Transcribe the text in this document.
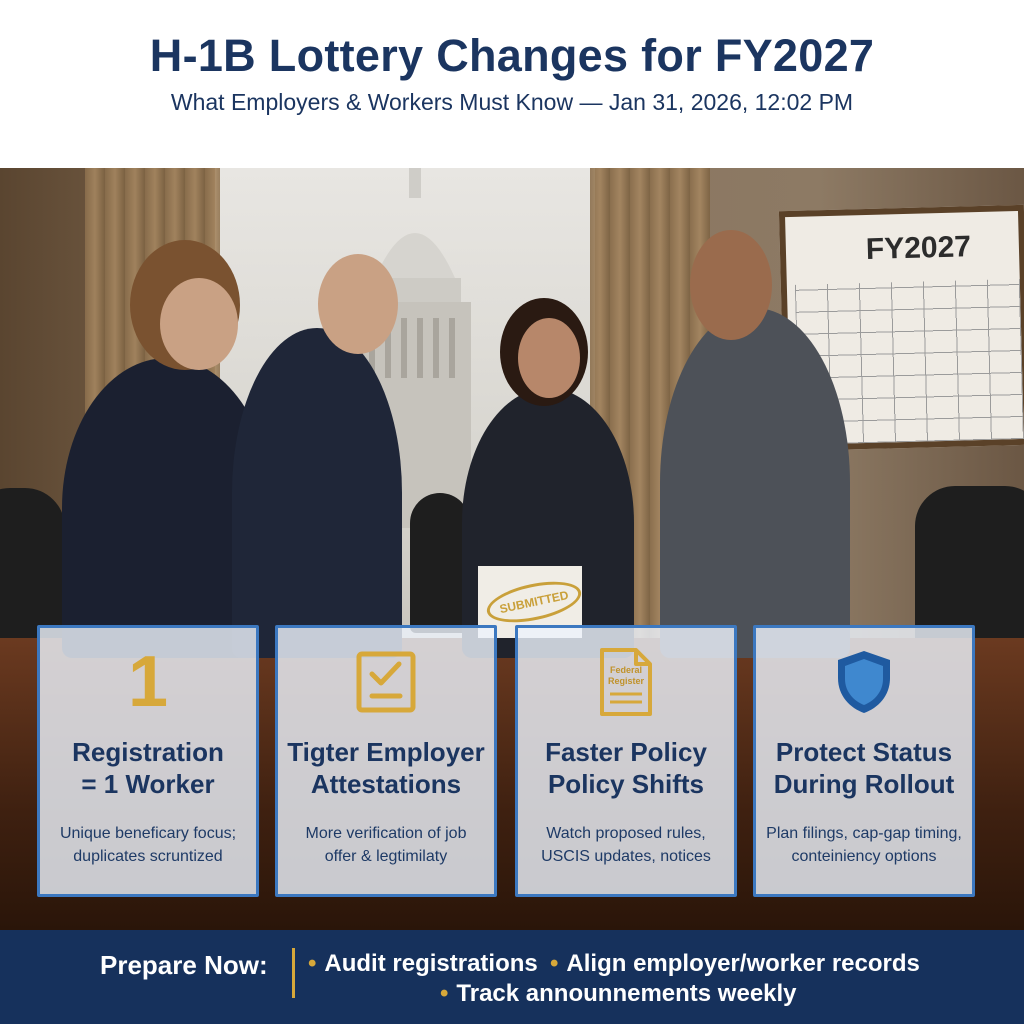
H-1B Lottery Changes for FY2027
What Employers & Workers Must Know — Jan 31, 2026, 12:02 PM
FY2027
SUBMITTED
1
Registration
= 1 Worker
Unique beneficary focus;
duplicates scruntized
Tigter Employer
Attestations
More verification of job
offer & legtimilaty
Federal
Register
Faster Policy
Policy Shifts
Watch proposed rules,
USCIS updates, notices
Protect Status
During Rollout
Plan filings, cap-gap timing,
conteiniency options
Prepare Now: • Audit registrations • Align employer/worker records
• Track announnements weekly
